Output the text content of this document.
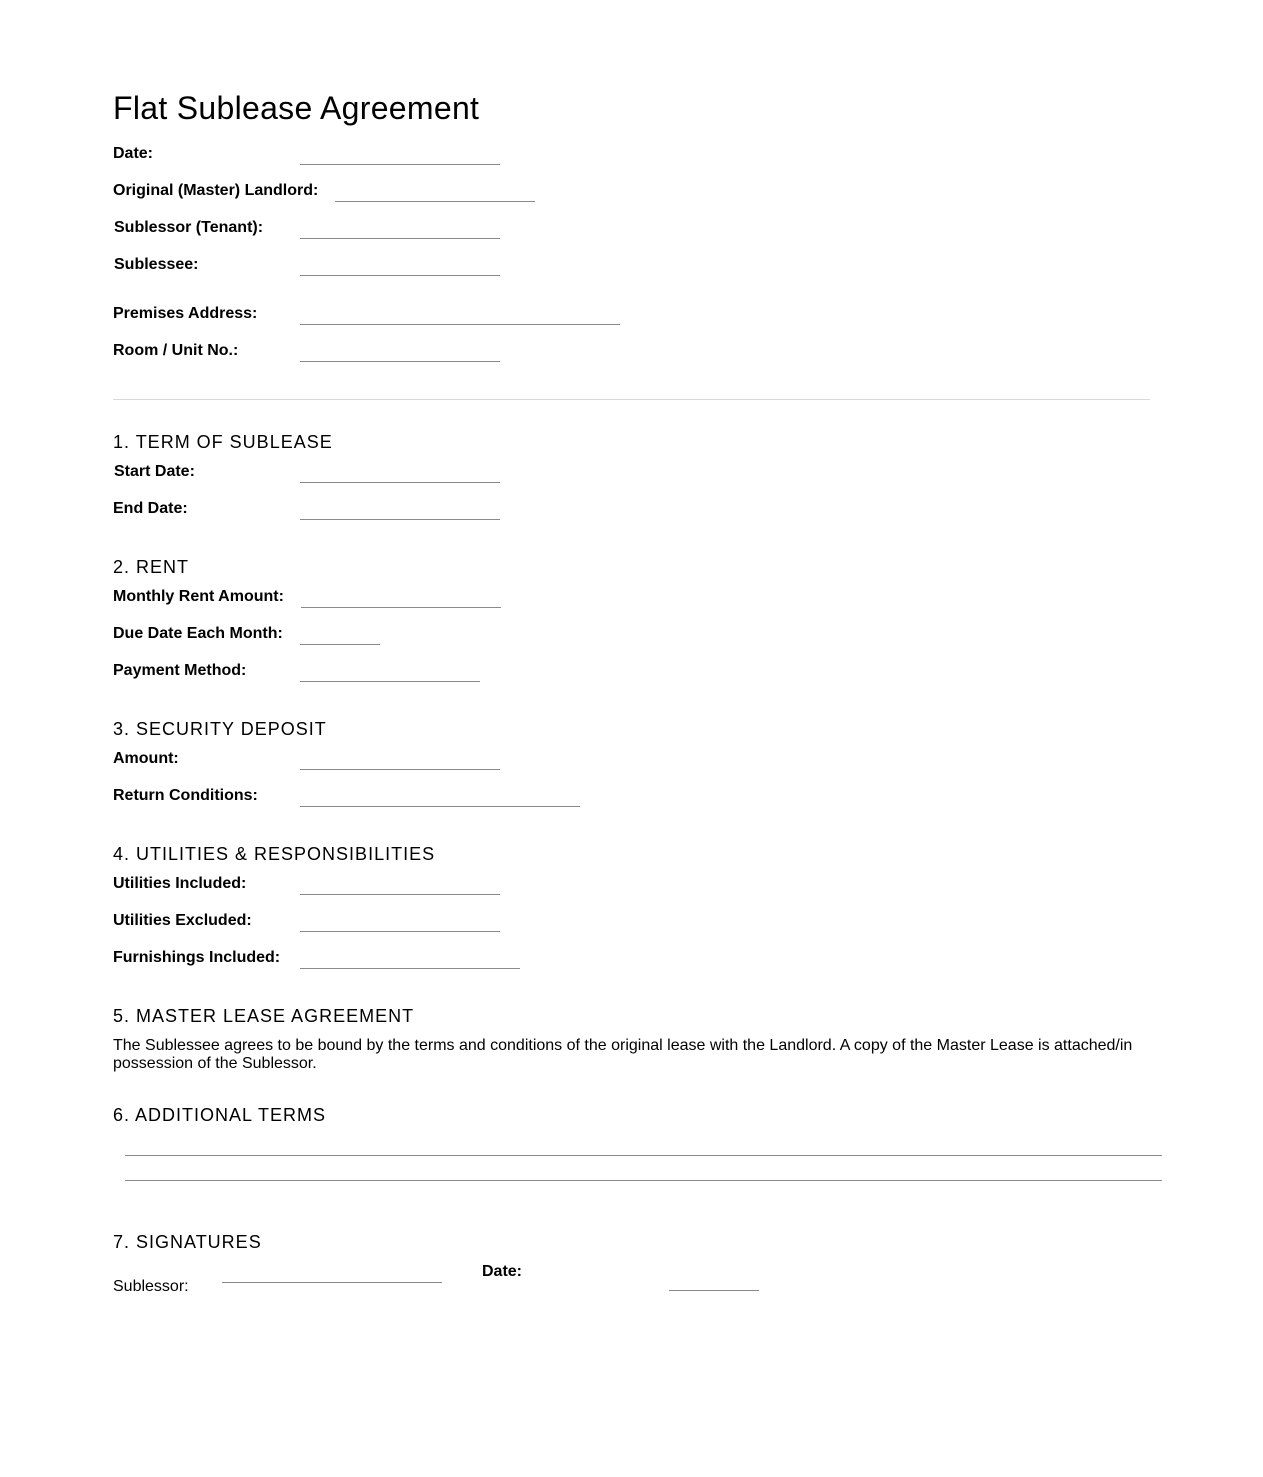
Flat Sublease Agreement
Date:
Original (Master) Landlord:
Sublessor (Tenant):
Sublessee:
Premises Address:
Room / Unit No.:
1. TERM OF SUBLEASE
Start Date:
End Date:
2. RENT
Monthly Rent Amount:
Due Date Each Month:
Payment Method:
3. SECURITY DEPOSIT
Amount:
Return Conditions:
4. UTILITIES & RESPONSIBILITIES
Utilities Included:
Utilities Excluded:
Furnishings Included:
5. MASTER LEASE AGREEMENT
The Sublessee agrees to be bound by the terms and conditions of the original lease with the Landlord. A copy of the Master Lease is attached/in possession of the Sublessor.
6. ADDITIONAL TERMS
7. SIGNATURES
Sublessor:
Date:
